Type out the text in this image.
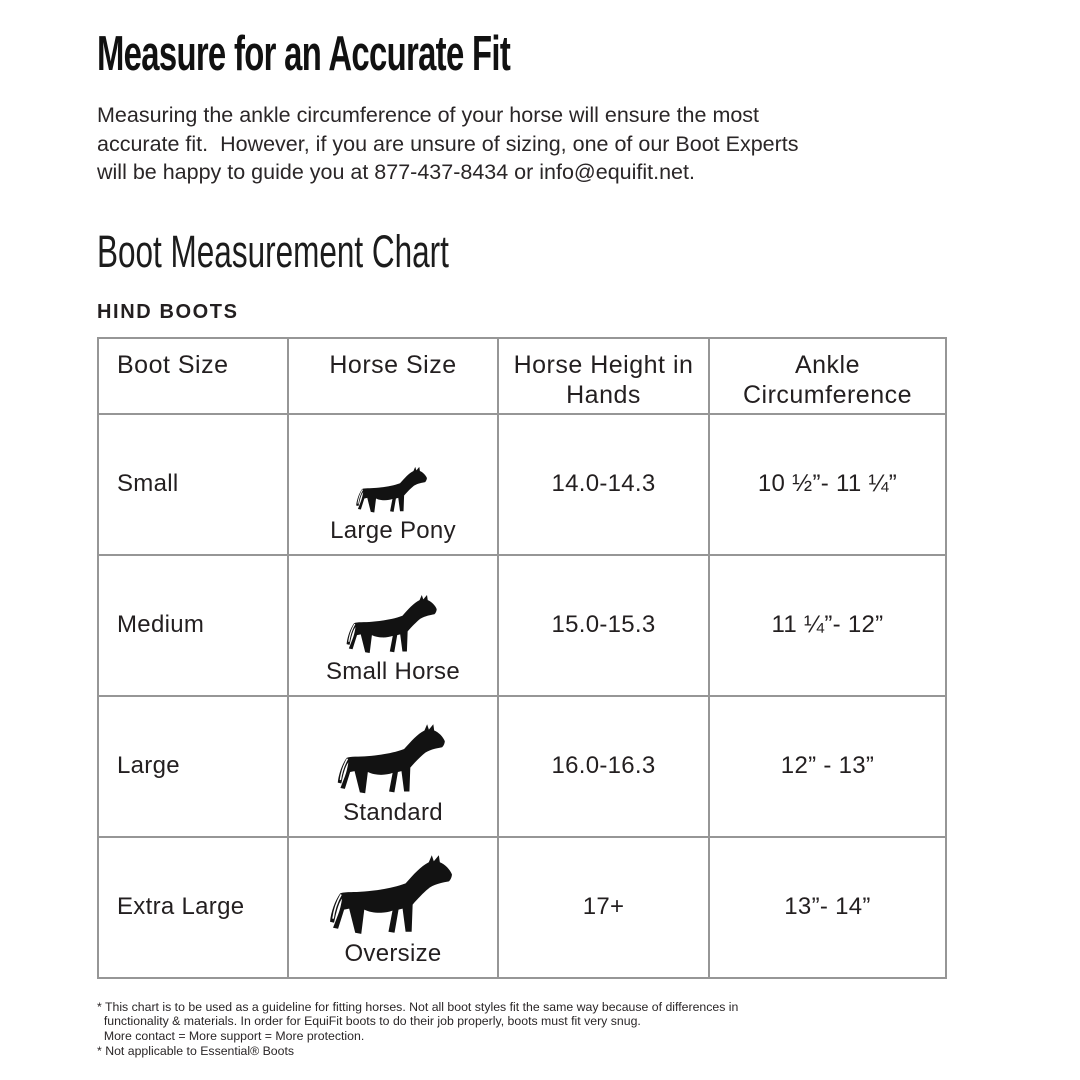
Measure for an Accurate Fit
Measuring the ankle circumference of your horse will ensure the most
accurate fit.  However, if you are unsure of sizing, one of our Boot Experts
will be happy to guide you at 877-437-8434 or info@equifit.net.
Boot Measurement Chart
HIND BOOTS
Boot Size	Horse Size	Horse Height in Hands	Ankle Circumference
Small	Large Pony	14.0-14.3	10 ½”- 11 ¼”
Medium	Small Horse	15.0-15.3	11 ¼”- 12”
Large	Standard	16.0-16.3	12” - 13”
Extra Large	Oversize	17+	13”- 14”
* This chart is to be used as a guideline for fitting horses. Not all boot styles fit the same way because of differences in
functionality & materials. In order for EquiFit boots to do their job properly, boots must fit very snug.
More contact = More support = More protection.
* Not applicable to Essential® Boots
